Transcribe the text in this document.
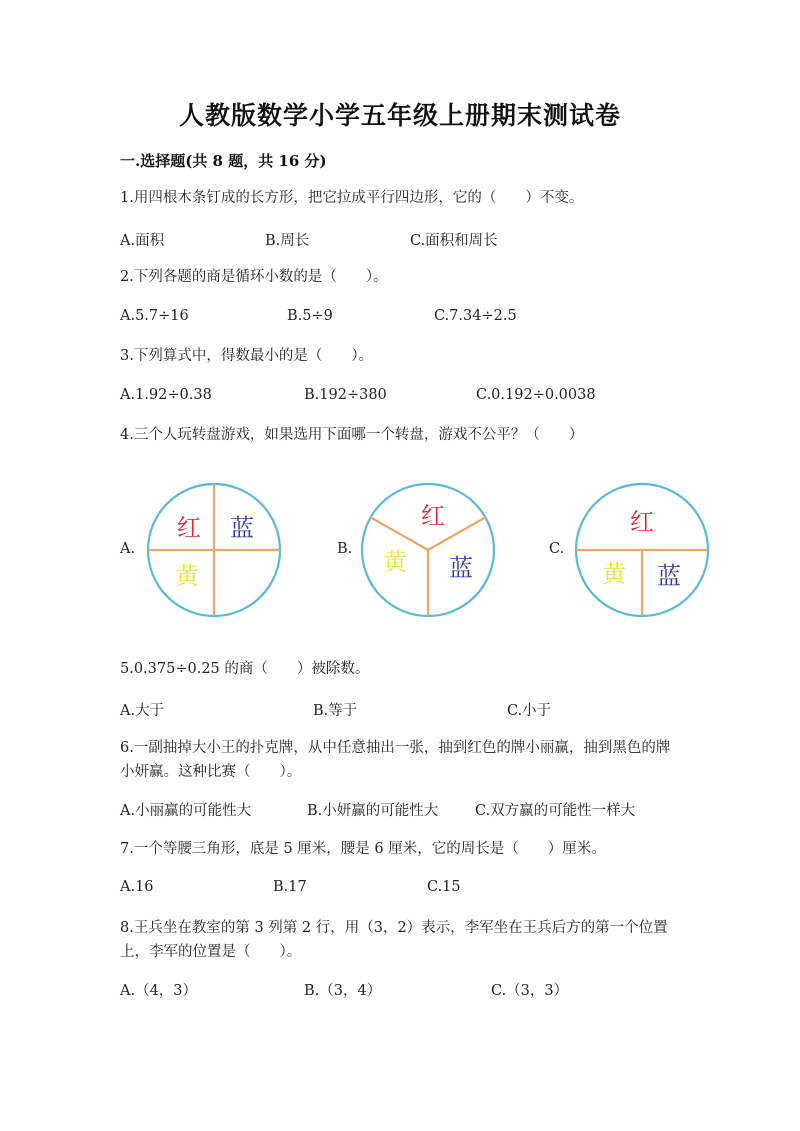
人教版数学小学五年级上册期末测试卷
一.选择题(共 8 题，共 16 分)
1.用四根木条钉成的长方形，把它拉成平行四边形，它的（　　）不变。
A.面积	B.周长	C.面积和周长
2.下列各题的商是循环小数的是（　　）。
A.5.7÷16	B.5÷9	C.7.34÷2.5
3.下列算式中，得数最小的是（　　）。
A.1.92÷0.38	B.192÷380	C.0.192÷0.0038
4.三个人玩转盘游戏，如果选用下面哪一个转盘，游戏不公平？（　　）
A.
红 蓝
黄
B.
红
黄 蓝
C.
红
黄 蓝
5.0.375÷0.25 的商（　　）被除数。
A.大于	B.等于	C.小于
6.一副抽掉大小王的扑克牌，从中任意抽出一张，抽到红色的牌小丽赢，抽到黑色的牌小妍赢。这种比赛（　　）。
A.小丽赢的可能性大	B.小妍赢的可能性大	C.双方赢的可能性一样大
7.一个等腰三角形，底是 5 厘米，腰是 6 厘米，它的周长是（　　）厘米。
A.16	B.17	C.15
8.王兵坐在教室的第 3 列第 2 行，用（3，2）表示，李军坐在王兵后方的第一个位置上，李军的位置是（　　）。
A.（4，3）	B.（3，4）	C.（3，3）
